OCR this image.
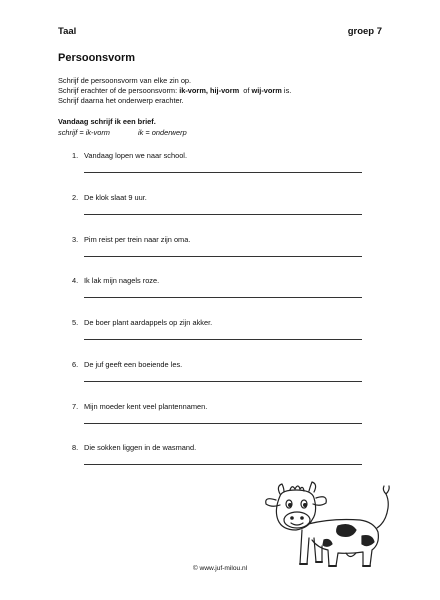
Taal	groep 7
Persoonsvorm
Schrijf de persoonsvorm van elke zin op.
Schrijf erachter of de persoonsvorm: ik-vorm, hij-vorm  of wij-vorm is.
Schrijf daarna het onderwerp erachter.
Vandaag schrijf ik een brief.
schrijf = ik-vorm	ik = onderwerp
1. Vandaag lopen we naar school.
2. De klok slaat 9 uur.
3. Pim reist per trein naar zijn oma.
4. Ik lak mijn nagels roze.
5. De boer plant aardappels op zijn akker.
6. De juf geeft een boeiende les.
7. Mijn moeder kent veel plantennamen.
8. Die sokken liggen in de wasmand.
© www.juf-milou.nl
